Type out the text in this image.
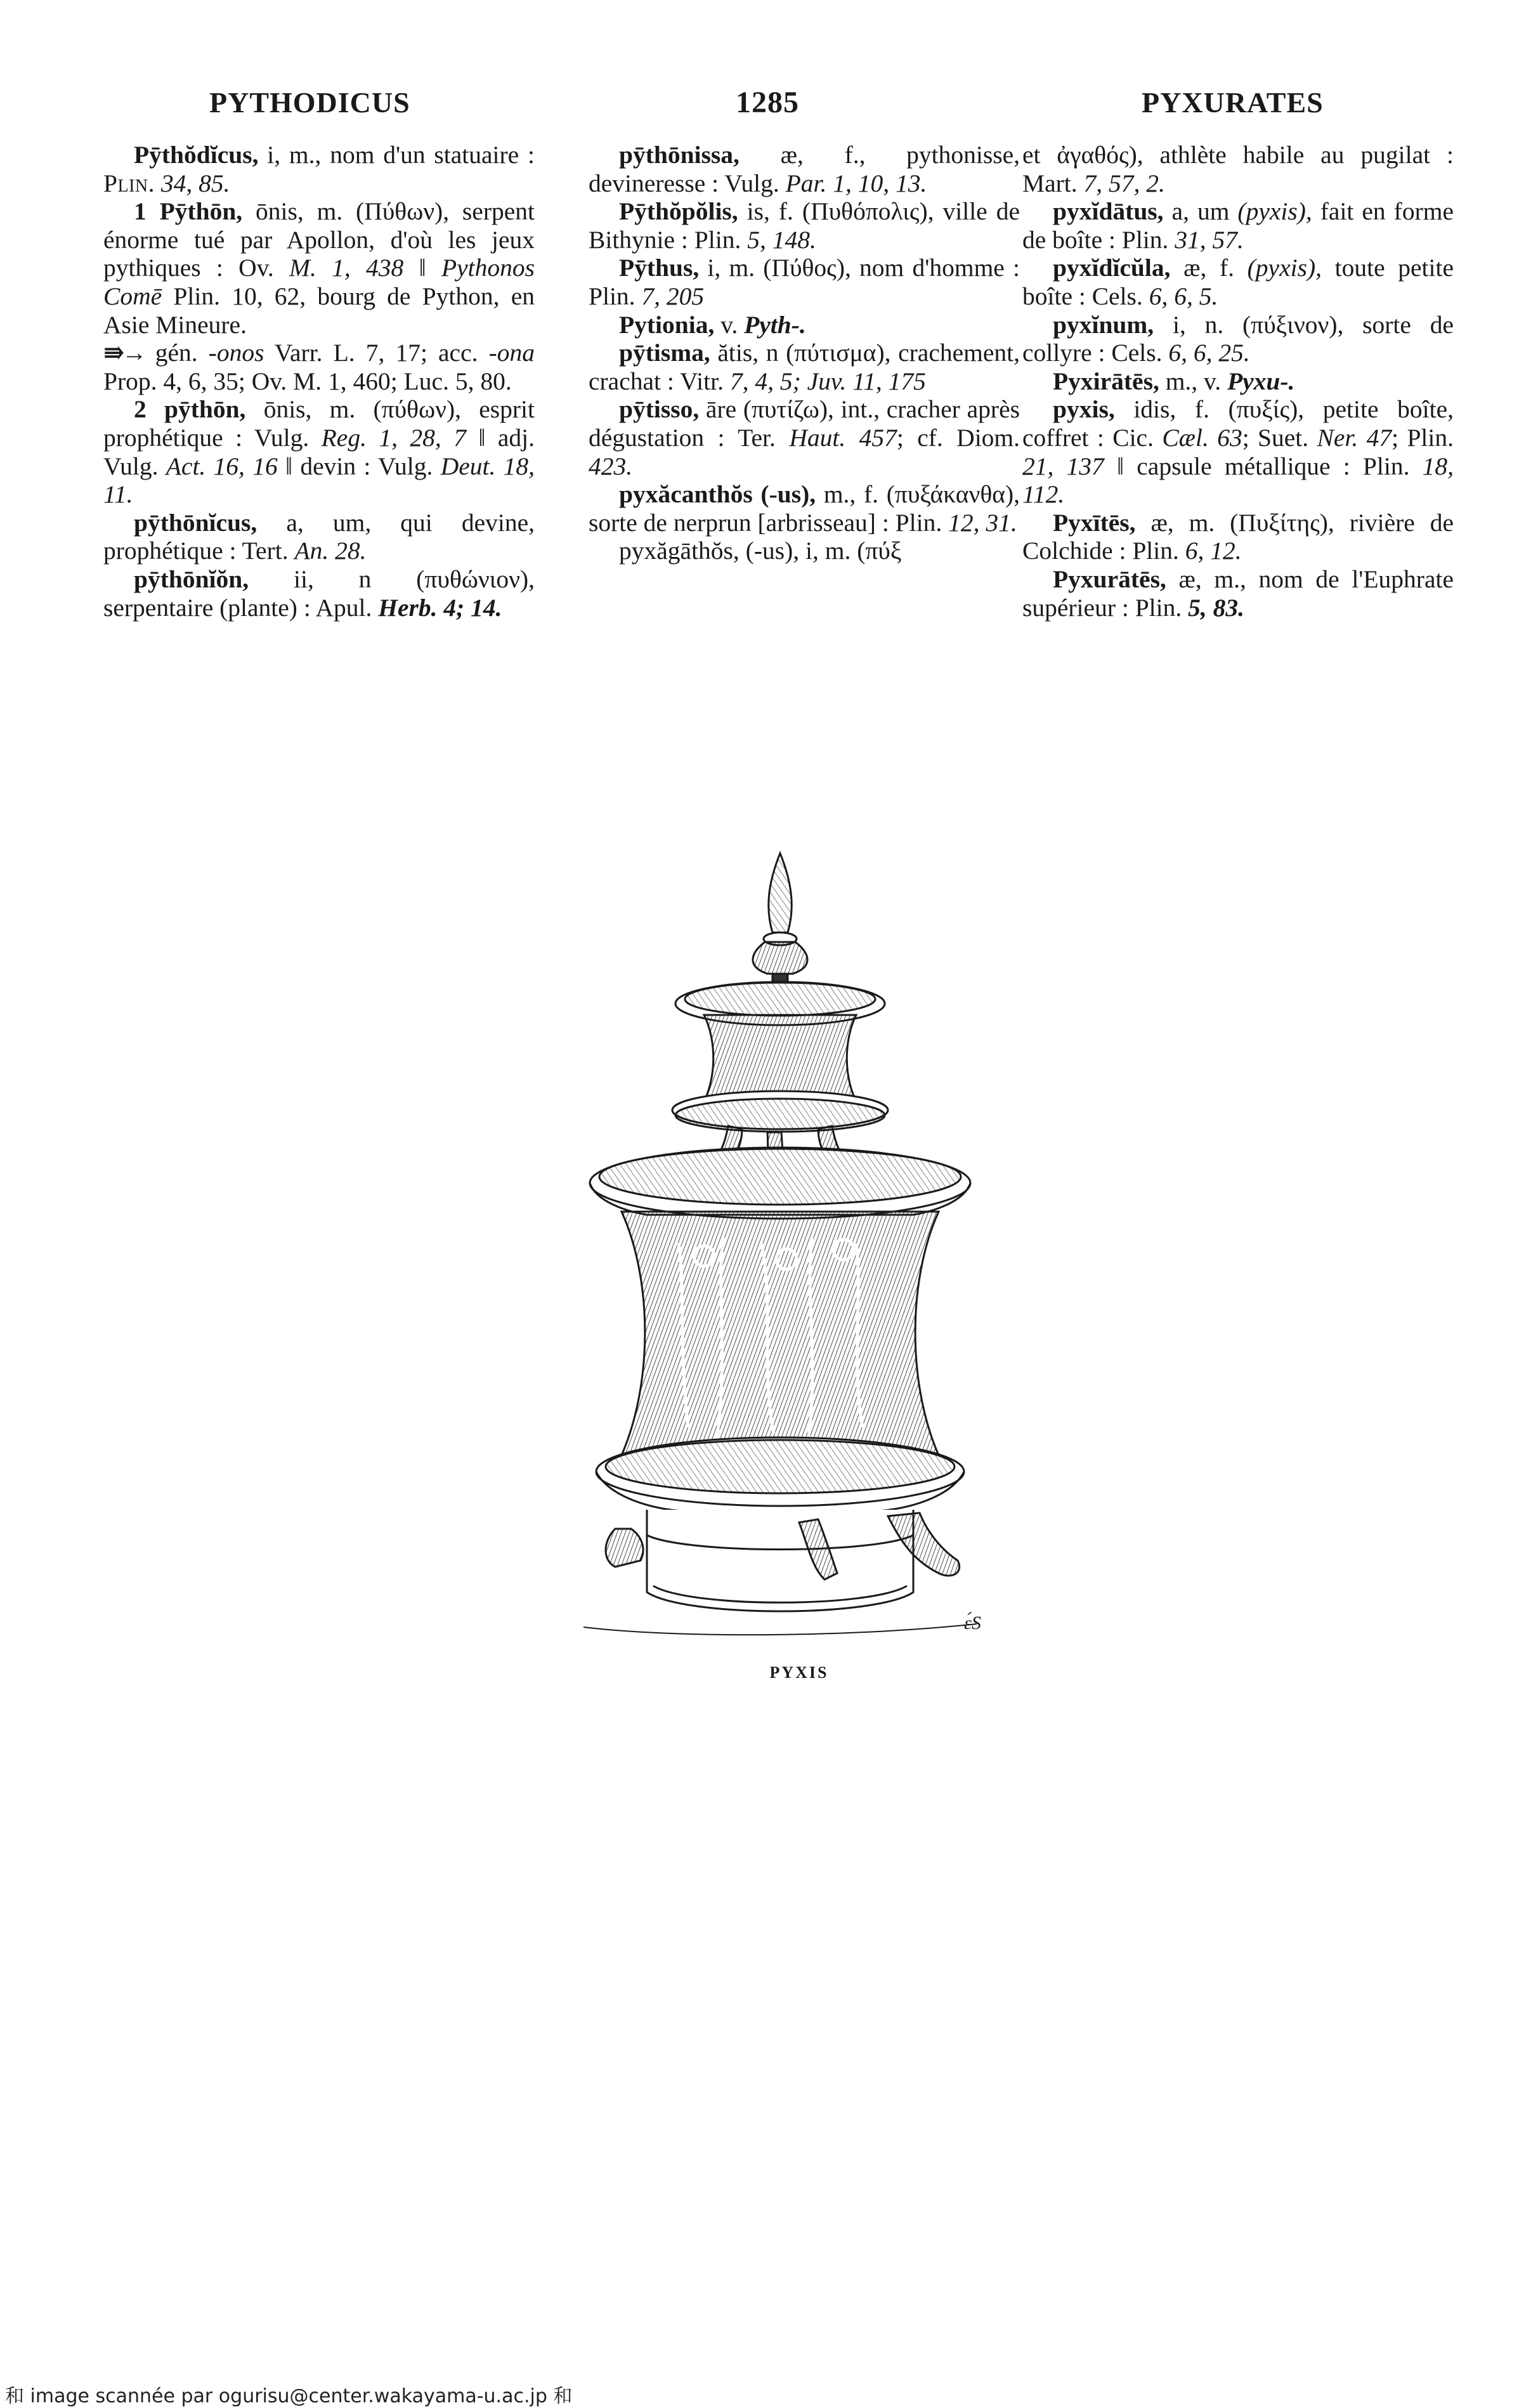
PYTHODICUS	1285	PYXURATES

Pȳthŏdĭcus, i, m., nom d'un statuaire : Plin. 34, 85.

1 Pȳthōn, ōnis, m. (Πύθων), serpent énorme tué par Apollon, d'où les jeux pythiques : Ov. M. 1, 438 ‖ Pythonos Comē Plin. 10, 62, bourg de Python, en Asie Mineure.
⇛→ gén. -onos Varr. L. 7, 17; acc. -ona Prop. 4, 6, 35; Ov. M. 1, 460; Luc. 5, 80.

2 pȳthōn, ōnis, m. (πύθων), esprit prophétique : Vulg. Reg. 1, 28, 7 ‖ adj. Vulg. Act. 16, 16 ‖ devin : Vulg. Deut. 18, 11.

pȳthōnĭcus, a, um, qui devine, prophétique : Tert. An. 28.

pȳthōnĭŏn, ii, n (πυθώνιον), serpentaire (plante) : Apul. Herb. 4; 14.

pȳthōnissa, æ, f., pythonisse, devineresse : Vulg. Par. 1, 10, 13.

Pȳthŏpŏlis, is, f. (Πυθόπολις), ville de Bithynie : Plin. 5, 148.

Pȳthus, i, m. (Πύθος), nom d'homme : Plin. 7, 205

Pytionia, v. Pyth-.

pȳtisma, ătis, n (πύτισμα), crachement, crachat : Vitr. 7, 4, 5; Juv. 11, 175

pȳtisso, āre (πυτίζω), int., cracher après dégustation : Ter. Haut. 457; cf. Diom. 423.

pyxăcanthŏs (-us), m., f. (πυξάκανθα), sorte de nerprun [arbrisseau] : Plin. 12, 31.

pyxăgāthŏs, (-us), i, m. (πύξ

et ἀγαθός), athlète habile au pugilat : Mart. 7, 57, 2.

pyxĭdātus, a, um (pyxis), fait en forme de boîte : Plin. 31, 57.

pyxĭdĭcŭla, æ, f. (pyxis), toute petite boîte : Cels. 6, 6, 5.

pyxĭnum, i, n. (πύξινον), sorte de collyre : Cels. 6, 6, 25.

Pyxirātēs, m., v. Pyxu-.

pyxis, idis, f. (πυξίς), petite boîte, coffret : Cic. Cæl. 63; Suet. Ner. 47; Plin. 21, 137 ‖ capsule métallique : Plin. 18, 112.

Pyxītēs, æ, m. (Πυξίτης), rivière de Colchide : Plin. 6, 12.

Pyxurātēs, æ, m., nom de l'Euphrate supérieur : Plin. 5, 83.

ɛ́S
PYXIS
和 image scannée par ogurisu@center.wakayama-u.ac.jp 和
